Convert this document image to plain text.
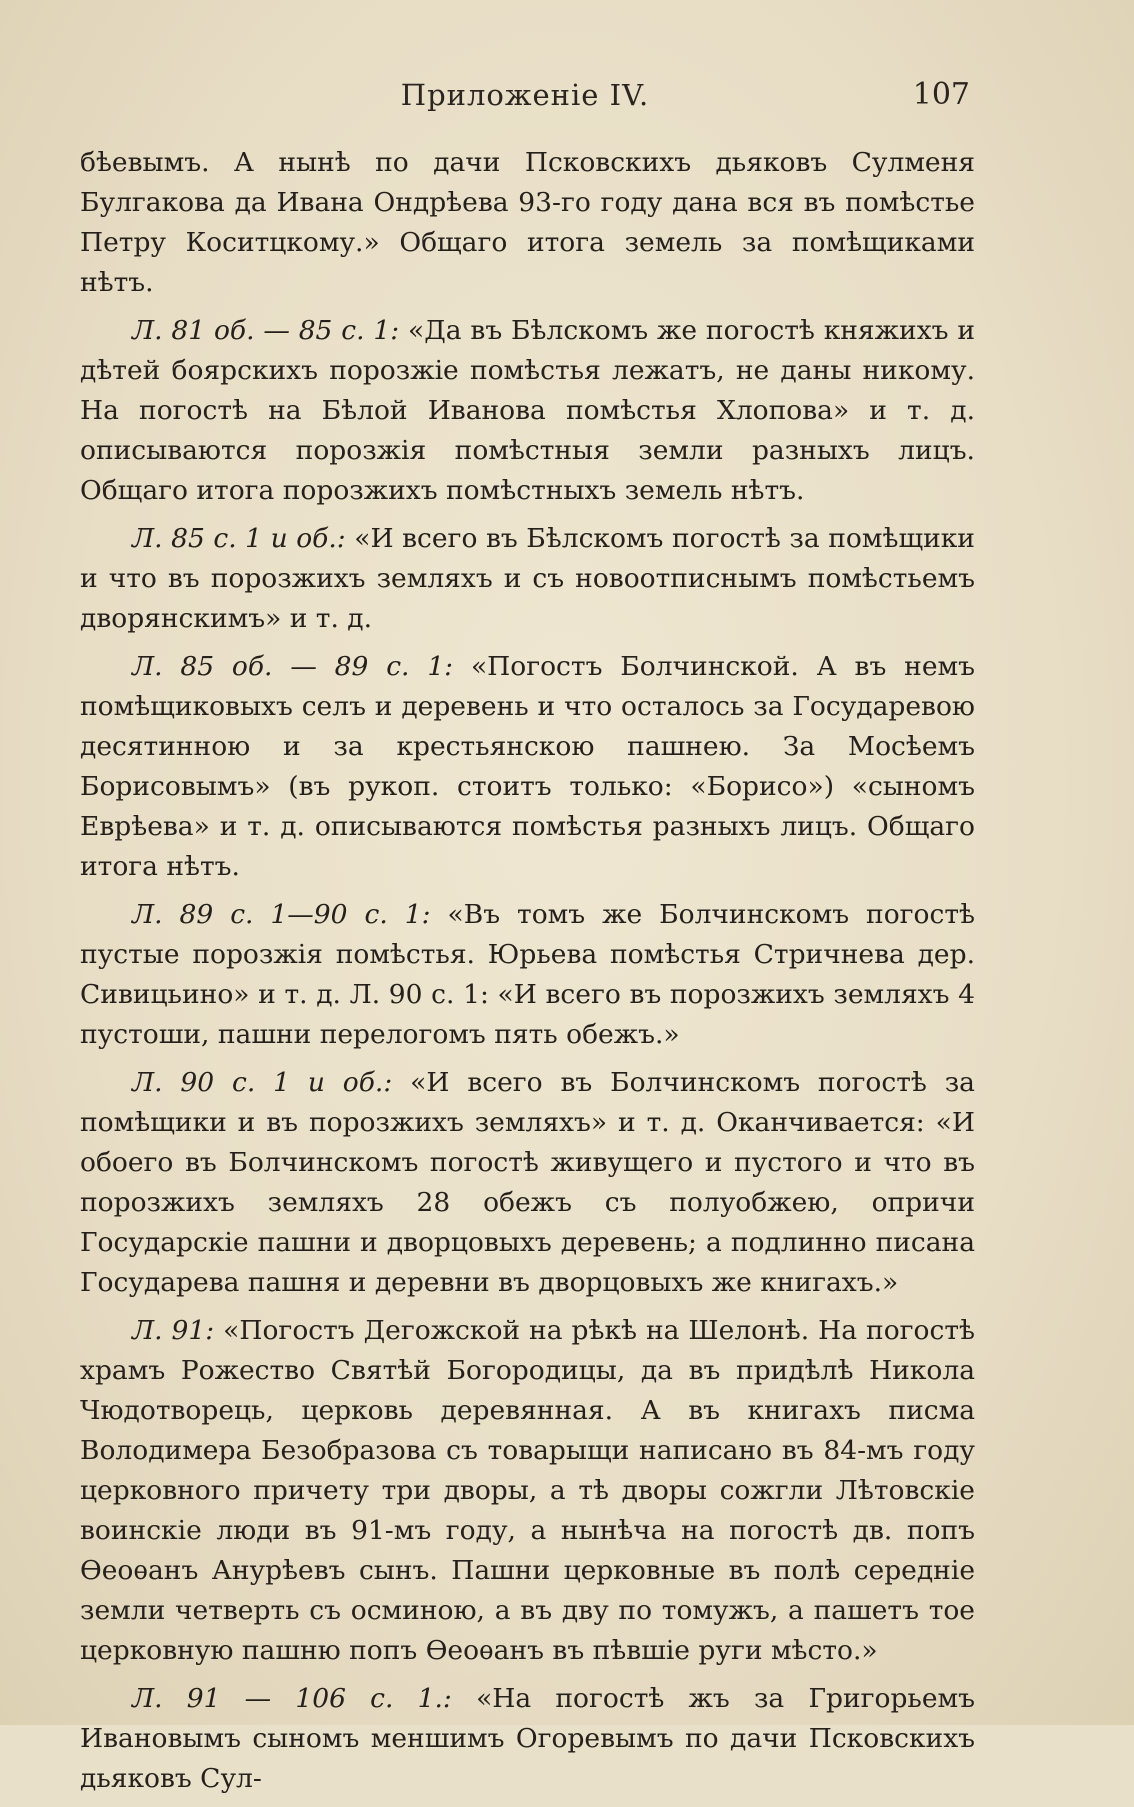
Приложеніе IV.	107

бѣевымъ. А нынѣ по дачи Псковскихъ дьяковъ Сулменя Булгакова да Ивана Ондрѣева 93-го году дана вся въ помѣстье Петру Коситцкому.» Общаго итога земель за помѣщиками нѣтъ.

Л. 81 об. — 85 с. 1: «Да въ Бѣлскомъ же погостѣ княжихъ и дѣтей боярскихъ порозжіе помѣстья лежатъ, не даны никому. На погостѣ на Бѣлой Иванова помѣстья Хлопова» и т. д. описываются порозжія помѣстныя земли разныхъ лицъ. Общаго итога порозжихъ помѣстныхъ земель нѣтъ.

Л. 85 с. 1 и об.: «И всего въ Бѣлскомъ погостѣ за помѣщики и что въ порозжихъ земляхъ и съ новоотписнымъ помѣстьемъ дворянскимъ» и т. д.

Л. 85 об. — 89 с. 1: «Погостъ Болчинской. А въ немъ помѣщиковыхъ селъ и деревень и что осталось за Государевою десятинною и за крестьянскою пашнею. За Мосѣемъ Борисовымъ» (въ рукоп. стоитъ только: «Борисо») «сыномъ Еврѣева» и т. д. описываются помѣстья разныхъ лицъ. Общаго итога нѣтъ.

Л. 89 с. 1—90 с. 1: «Въ томъ же Болчинскомъ погостѣ пустые порозжія помѣстья. Юрьева помѣстья Стричнева дер. Сивицьино» и т. д. Л. 90 с. 1: «И всего въ порозжихъ земляхъ 4 пустоши, пашни перелогомъ пять обежъ.»

Л. 90 с. 1 и об.: «И всего въ Болчинскомъ погостѣ за помѣщики и въ порозжихъ земляхъ» и т. д. Оканчивается: «И обоего въ Болчинскомъ погостѣ живущего и пустого и что въ порозжихъ земляхъ 28 обежъ съ полуобжею, опричи Государскіе пашни и дворцовыхъ деревень; а подлинно писана Государева пашня и деревни въ дворцовыхъ же книгахъ.»

Л. 91: «Погостъ Дегожской на рѣкѣ на Шелонѣ. На погостѣ храмъ Рожество Святѣй Богородицы, да въ придѣлѣ Никола Чюдотворець, церковь деревянная. А въ книгахъ писма Володимера Безобразова съ товарыщи написано въ 84-мъ году церковного причету три дворы, а тѣ дворы сожгли Лѣтовскіе воинскіе люди въ 91-мъ году, а нынѣча на погостѣ дв. попъ Ѳеоѳанъ Анурѣевъ сынъ. Пашни церковные въ полѣ середніе земли четверть съ осминою, а въ дву по томужъ, а пашетъ тое церковную пашню попъ Ѳеоѳанъ въ пѣвшіе руги мѣсто.»

Л. 91 — 106 с. 1.: «На погостѣ жъ за Григорьемъ Ивановымъ сыномъ меншимъ Огоревымъ по дачи Псковскихъ дьяковъ Сул-
